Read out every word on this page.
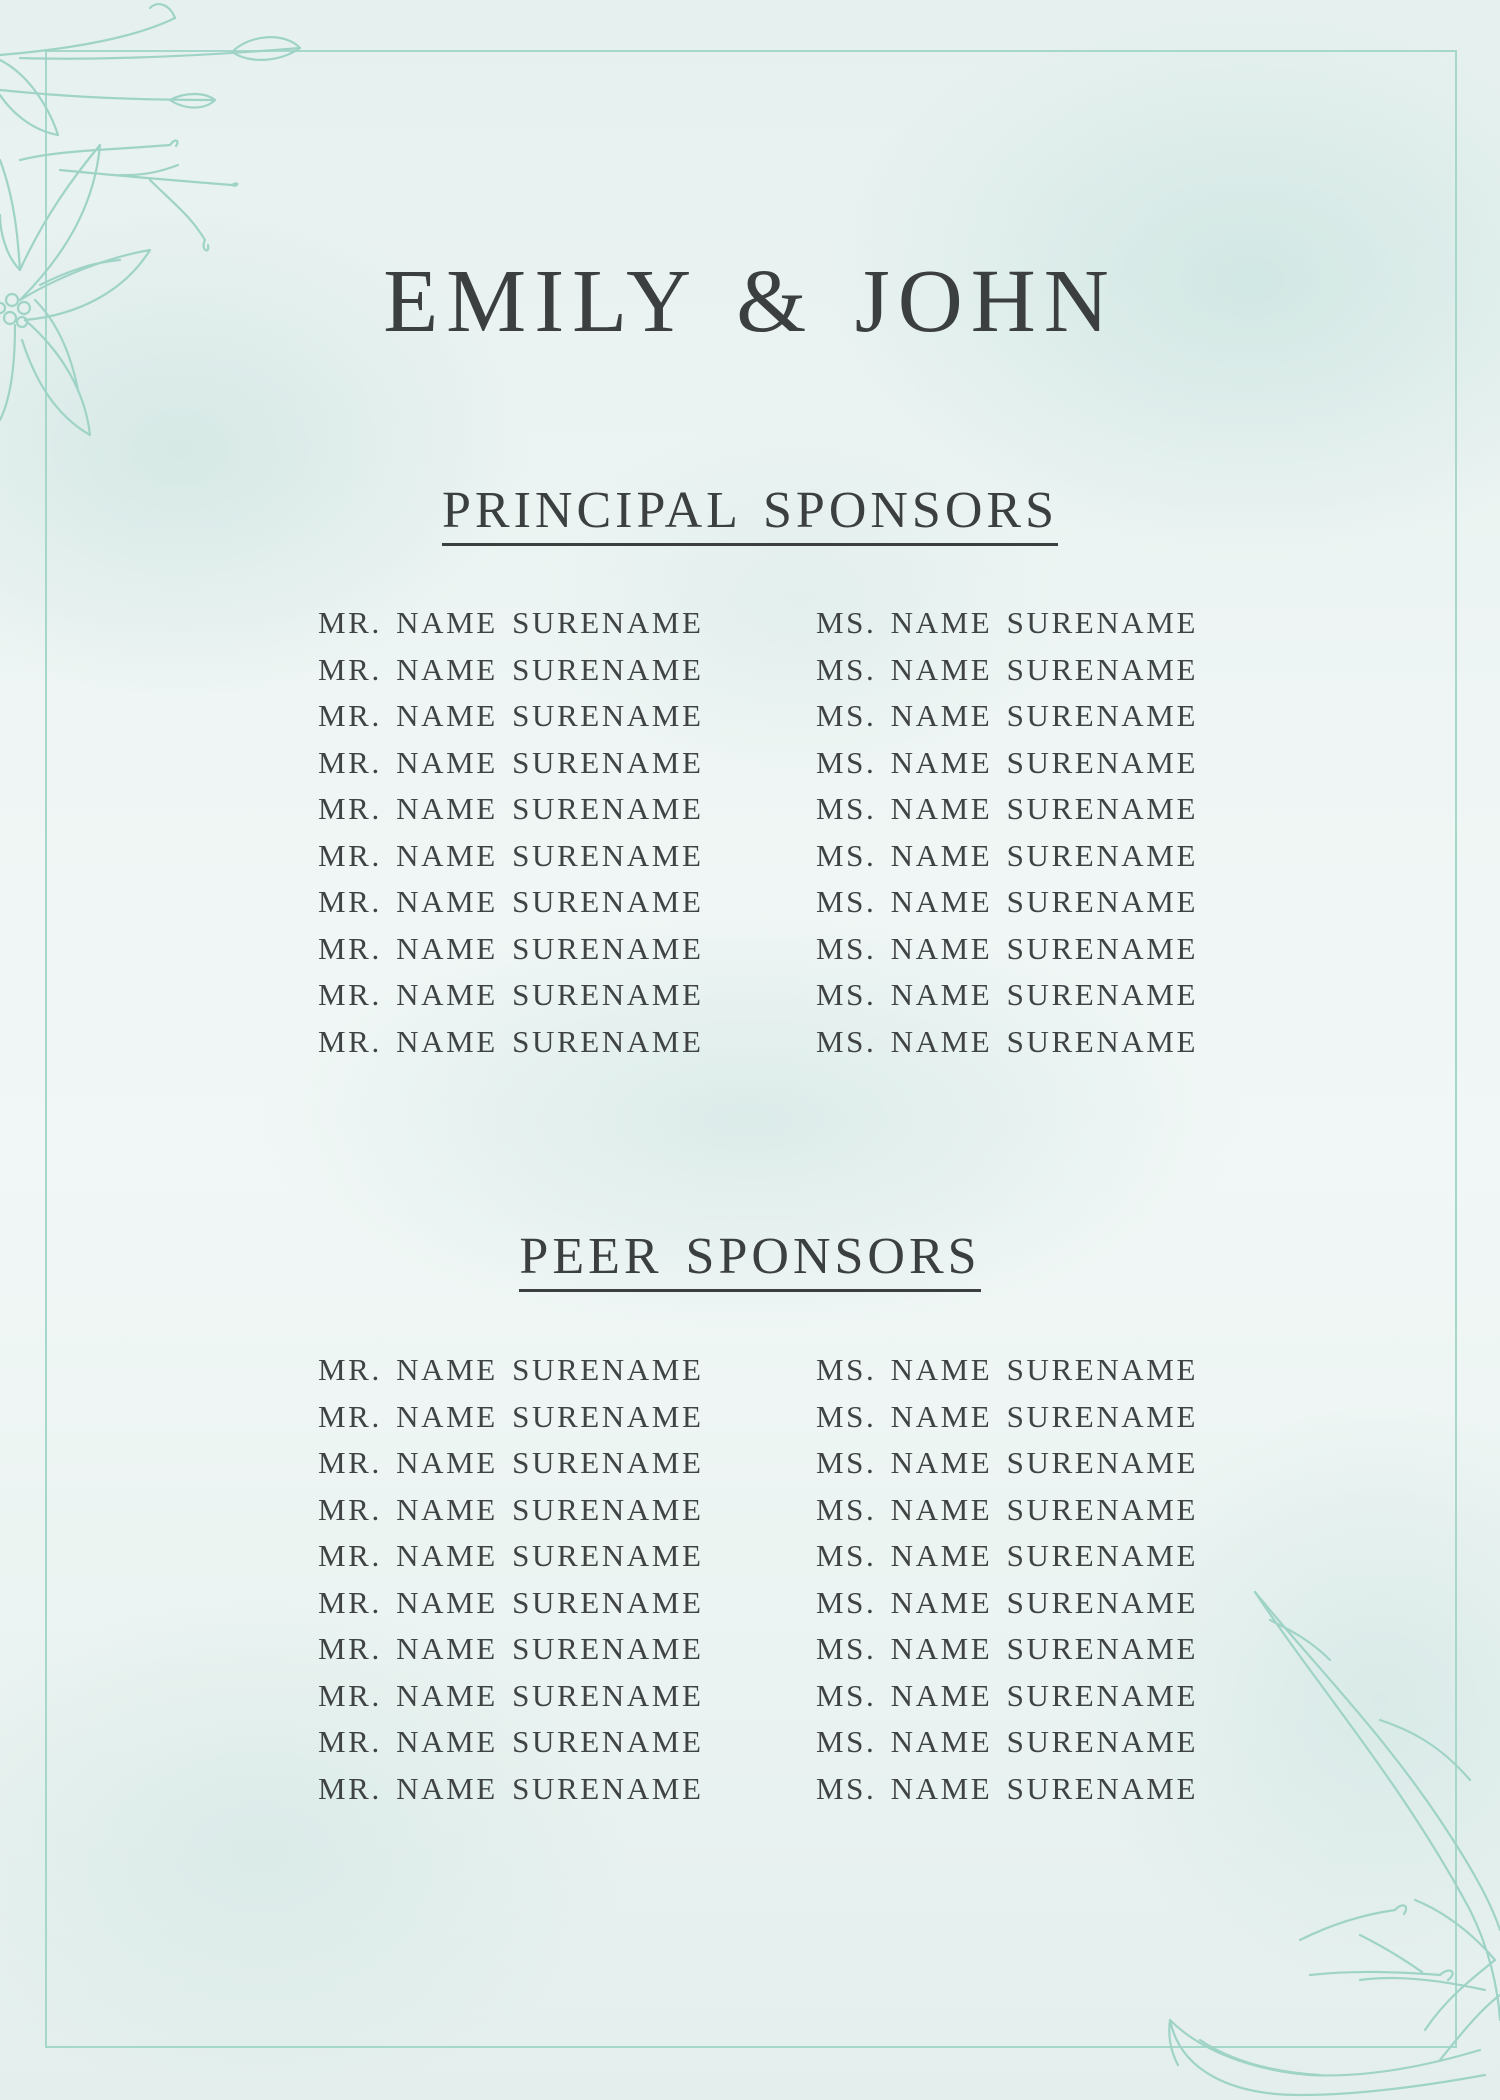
EMILY & JOHN
PRINCIPAL SPONSORS
MR. NAME SURENAME
MR. NAME SURENAME
MR. NAME SURENAME
MR. NAME SURENAME
MR. NAME SURENAME
MR. NAME SURENAME
MR. NAME SURENAME
MR. NAME SURENAME
MR. NAME SURENAME
MR. NAME SURENAME
MS. NAME SURENAME
MS. NAME SURENAME
MS. NAME SURENAME
MS. NAME SURENAME
MS. NAME SURENAME
MS. NAME SURENAME
MS. NAME SURENAME
MS. NAME SURENAME
MS. NAME SURENAME
MS. NAME SURENAME
PEER SPONSORS
MR. NAME SURENAME
MR. NAME SURENAME
MR. NAME SURENAME
MR. NAME SURENAME
MR. NAME SURENAME
MR. NAME SURENAME
MR. NAME SURENAME
MR. NAME SURENAME
MR. NAME SURENAME
MR. NAME SURENAME
MS. NAME SURENAME
MS. NAME SURENAME
MS. NAME SURENAME
MS. NAME SURENAME
MS. NAME SURENAME
MS. NAME SURENAME
MS. NAME SURENAME
MS. NAME SURENAME
MS. NAME SURENAME
MS. NAME SURENAME
